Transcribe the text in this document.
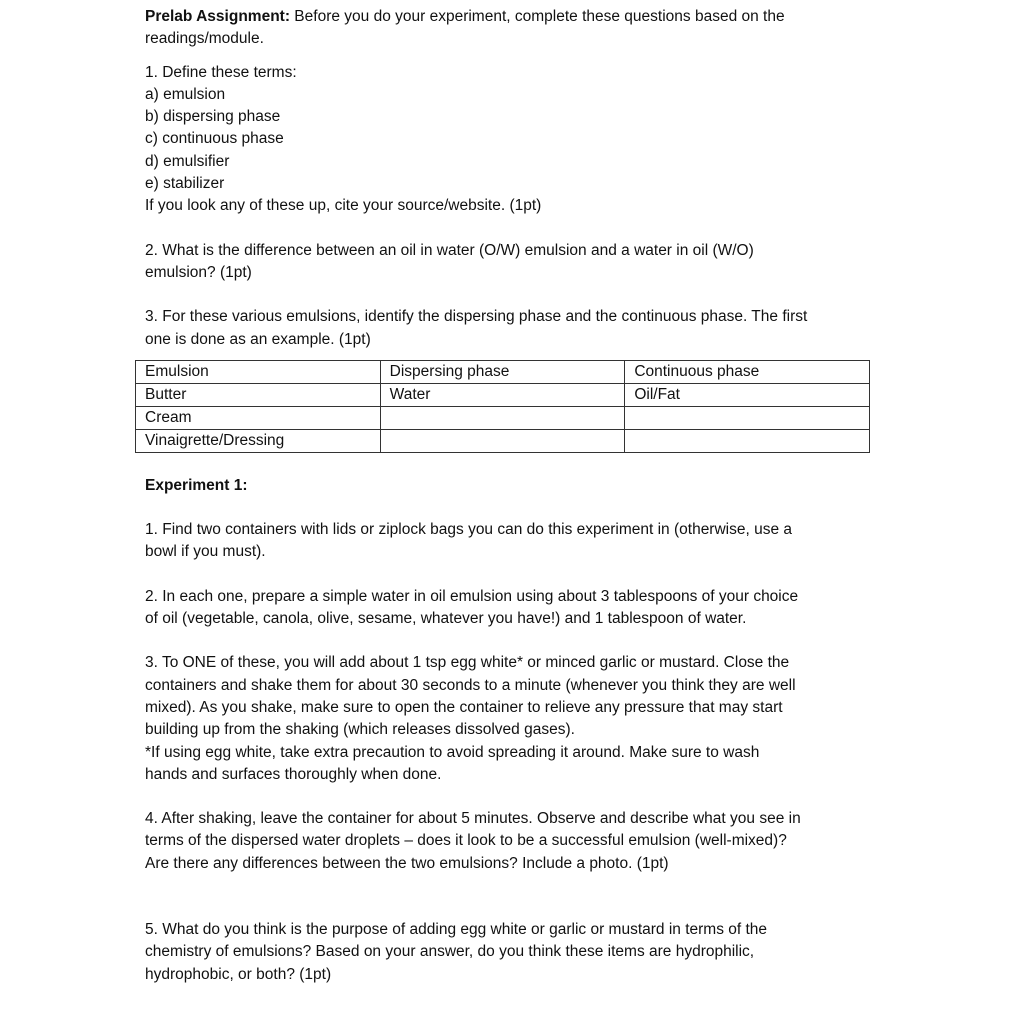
Prelab Assignment: Before you do your experiment, complete these questions based on the

readings/module.

1. Define these terms:

a) emulsion

b) dispersing phase

c) continuous phase

d) emulsifier

e) stabilizer

If you look any of these up, cite your source/website. (1pt)

2. What is the difference between an oil in water (O/W) emulsion and a water in oil (W/O)

emulsion? (1pt)

3. For these various emulsions, identify the dispersing phase and the continuous phase. The first

one is done as an example. (1pt)

Emulsion	Dispersing phase	Continuous phase
Butter	Water	Oil/Fat
Cream		
Vinaigrette/Dressing		

Experiment 1:

1. Find two containers with lids or ziplock bags you can do this experiment in (otherwise, use a

bowl if you must).

2. In each one, prepare a simple water in oil emulsion using about 3 tablespoons of your choice

of oil (vegetable, canola, olive, sesame, whatever you have!) and 1 tablespoon of water.

3. To ONE of these, you will add about 1 tsp egg white* or minced garlic or mustard. Close the

containers and shake them for about 30 seconds to a minute (whenever you think they are well

mixed). As you shake, make sure to open the container to relieve any pressure that may start

building up from the shaking (which releases dissolved gases).

*If using egg white, take extra precaution to avoid spreading it around. Make sure to wash

hands and surfaces thoroughly when done.

4. After shaking, leave the container for about 5 minutes. Observe and describe what you see in

terms of the dispersed water droplets – does it look to be a successful emulsion (well-mixed)?

Are there any differences between the two emulsions? Include a photo. (1pt)

5. What do you think is the purpose of adding egg white or garlic or mustard in terms of the

chemistry of emulsions? Based on your answer, do you think these items are hydrophilic,

hydrophobic, or both? (1pt)
